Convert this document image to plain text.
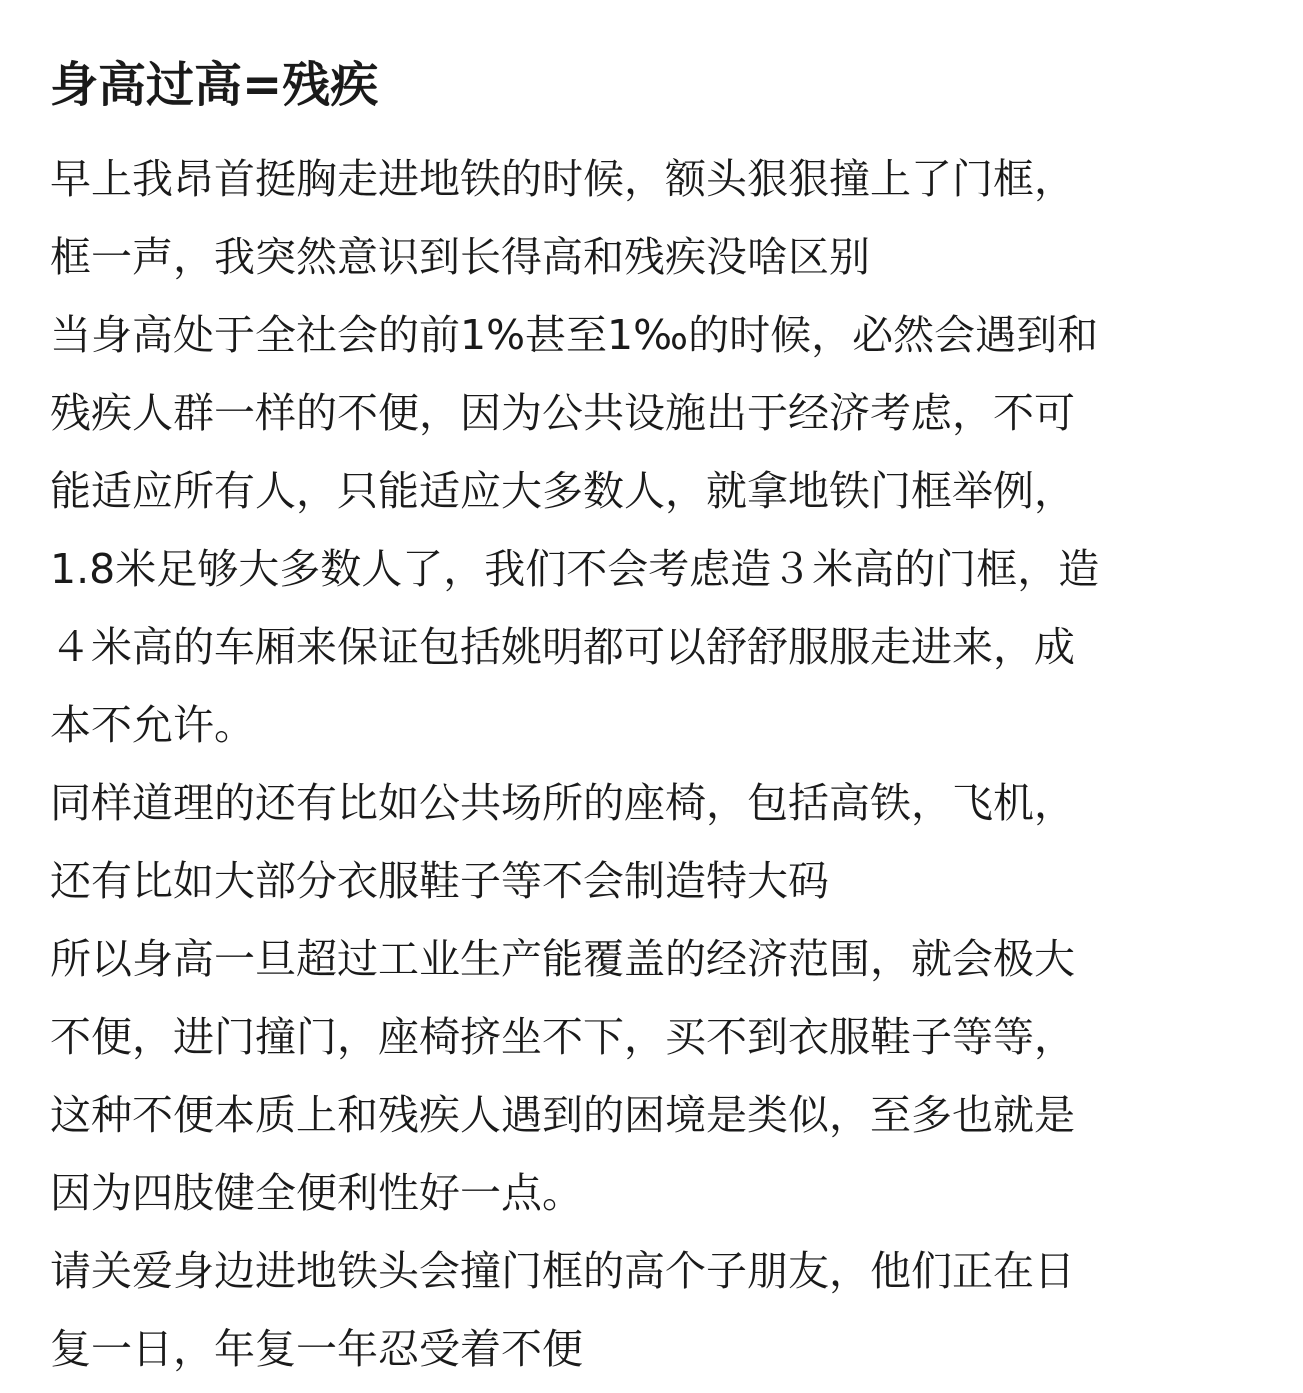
身高过高=残疾
早上我昂首挺胸走进地铁的时候，额头狠狠撞上了门框，
框一声，我突然意识到长得高和残疾没啥区别
当身高处于全社会的前1%甚至1‰的时候，必然会遇到和
残疾人群一样的不便，因为公共设施出于经济考虑，不可
能适应所有人，只能适应大多数人，就拿地铁门框举例，
1.8米足够大多数人了，我们不会考虑造３米高的门框，造
４米高的车厢来保证包括姚明都可以舒舒服服走进来，成
本不允许。
同样道理的还有比如公共场所的座椅，包括高铁，飞机，
还有比如大部分衣服鞋子等不会制造特大码
所以身高一旦超过工业生产能覆盖的经济范围，就会极大
不便，进门撞门，座椅挤坐不下，买不到衣服鞋子等等，
这种不便本质上和残疾人遇到的困境是类似，至多也就是
因为四肢健全便利性好一点。
请关爱身边进地铁头会撞门框的高个子朋友，他们正在日
复一日，年复一年忍受着不便
